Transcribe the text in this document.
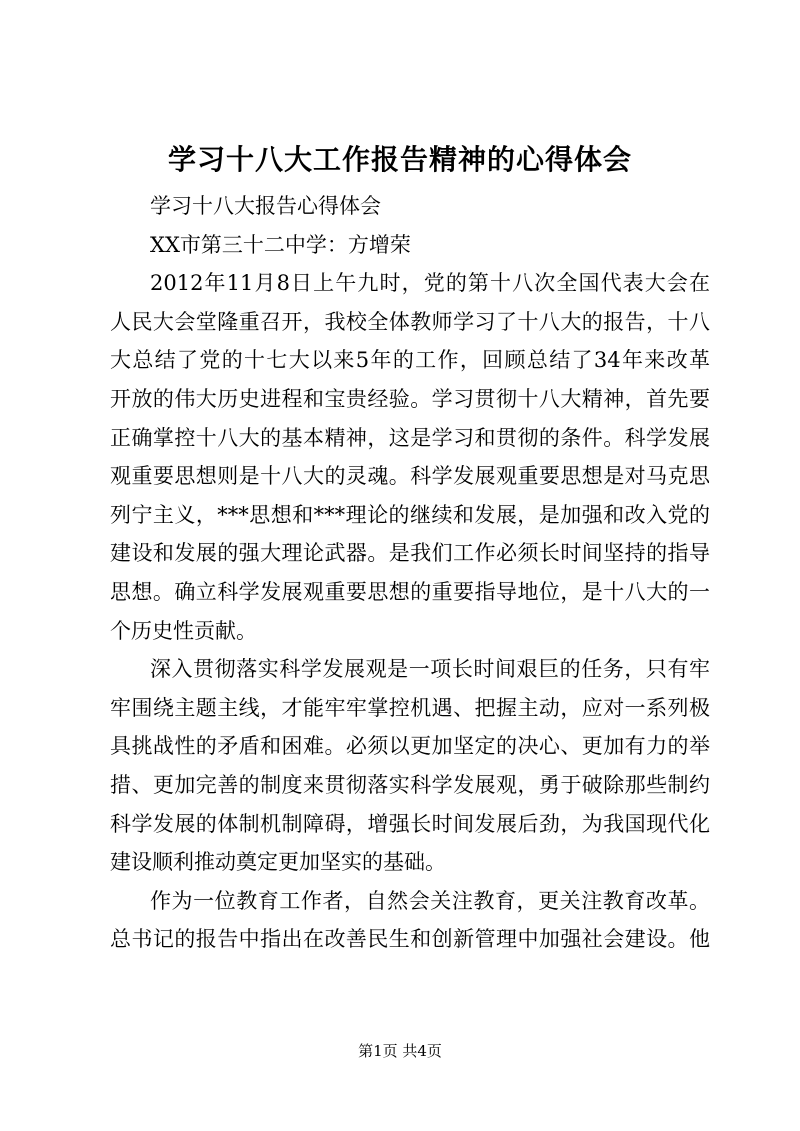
学习十八大工作报告精神的心得体会
学习十八大报告心得体会
XX市第三十二中学：方增荣
2012年11月8日上午九时，党的第十八次全国代表大会在
人民大会堂隆重召开，我校全体教师学习了十八大的报告，十八
大总结了党的十七大以来5年的工作，回顾总结了34年来改革
开放的伟大历史进程和宝贵经验。学习贯彻十八大精神，首先要
正确掌控十八大的基本精神，这是学习和贯彻的条件。科学发展
观重要思想则是十八大的灵魂。科学发展观重要思想是对马克思
列宁主义，***思想和***理论的继续和发展，是加强和改入党的
建设和发展的强大理论武器。是我们工作必须长时间坚持的指导
思想。确立科学发展观重要思想的重要指导地位，是十八大的一
个历史性贡献。
深入贯彻落实科学发展观是一项长时间艰巨的任务，只有牢
牢围绕主题主线，才能牢牢掌控机遇、把握主动，应对一系列极
具挑战性的矛盾和困难。必须以更加坚定的决心、更加有力的举
措、更加完善的制度来贯彻落实科学发展观，勇于破除那些制约
科学发展的体制机制障碍，增强长时间发展后劲，为我国现代化
建设顺利推动奠定更加坚实的基础。
作为一位教育工作者，自然会关注教育，更关注教育改革。
总书记的报告中指出在改善民生和创新管理中加强社会建设。他
第1页 共4页
